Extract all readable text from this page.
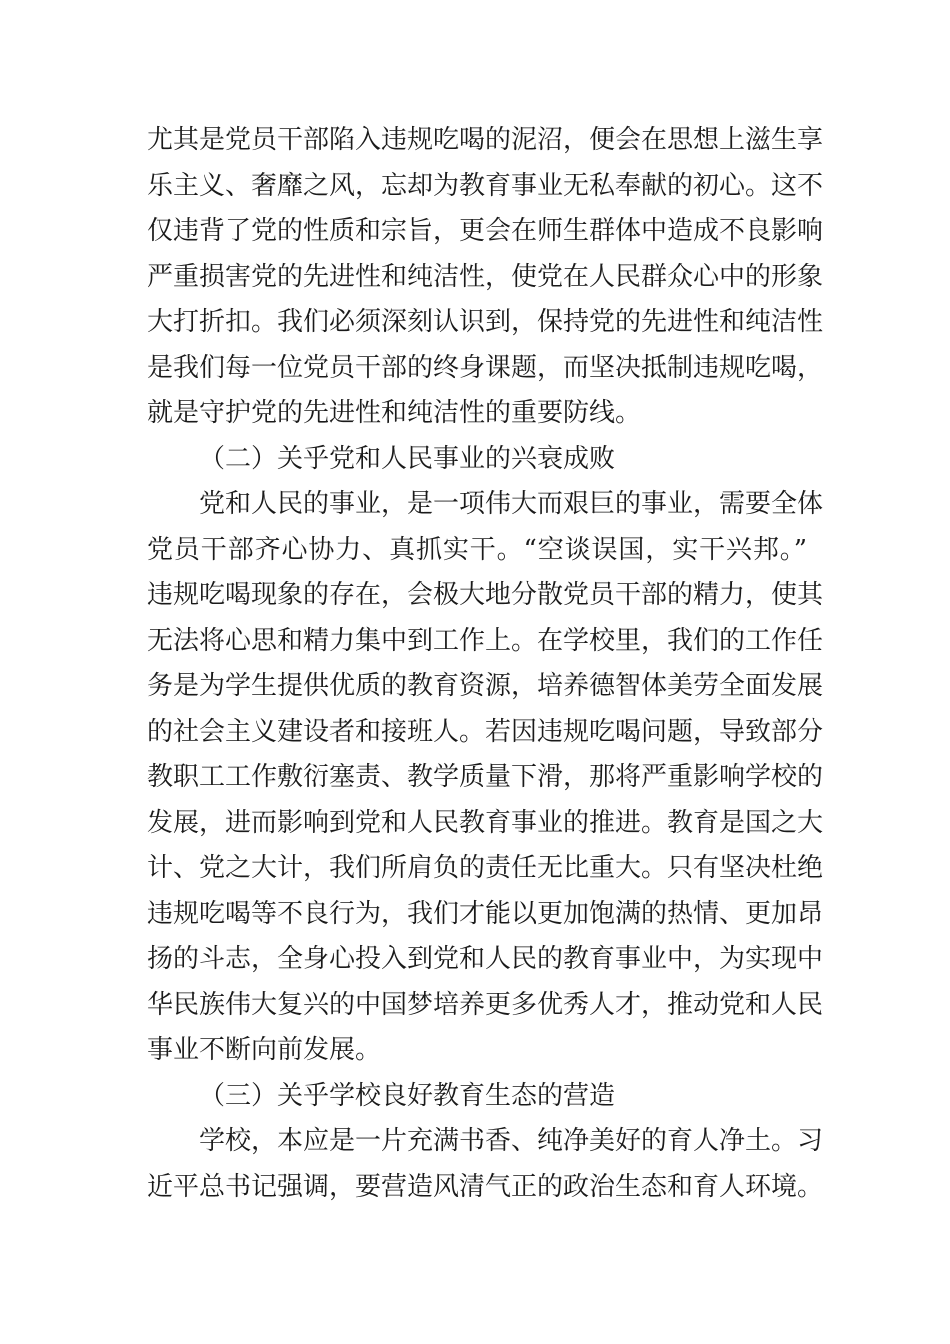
尤其是党员干部陷入违规吃喝的泥沼，便会在思想上滋生享
乐主义、奢靡之风，忘却为教育事业无私奉献的初心。这不
仅违背了党的性质和宗旨，更会在师生群体中造成不良影响
严重损害党的先进性和纯洁性，使党在人民群众心中的形象
大打折扣。我们必须深刻认识到，保持党的先进性和纯洁性
是我们每一位党员干部的终身课题，而坚决抵制违规吃喝，
就是守护党的先进性和纯洁性的重要防线。
（二）关乎党和人民事业的兴衰成败
党和人民的事业，是一项伟大而艰巨的事业，需要全体
党员干部齐心协力、真抓实干。“空谈误国，实干兴邦。”
违规吃喝现象的存在，会极大地分散党员干部的精力，使其
无法将心思和精力集中到工作上。在学校里，我们的工作任
务是为学生提供优质的教育资源，培养德智体美劳全面发展
的社会主义建设者和接班人。若因违规吃喝问题，导致部分
教职工工作敷衍塞责、教学质量下滑，那将严重影响学校的
发展，进而影响到党和人民教育事业的推进。教育是国之大
计、党之大计，我们所肩负的责任无比重大。只有坚决杜绝
违规吃喝等不良行为，我们才能以更加饱满的热情、更加昂
扬的斗志，全身心投入到党和人民的教育事业中，为实现中
华民族伟大复兴的中国梦培养更多优秀人才，推动党和人民
事业不断向前发展。
（三）关乎学校良好教育生态的营造
学校，本应是一片充满书香、纯净美好的育人净土。习
近平总书记强调，要营造风清气正的政治生态和育人环境。
